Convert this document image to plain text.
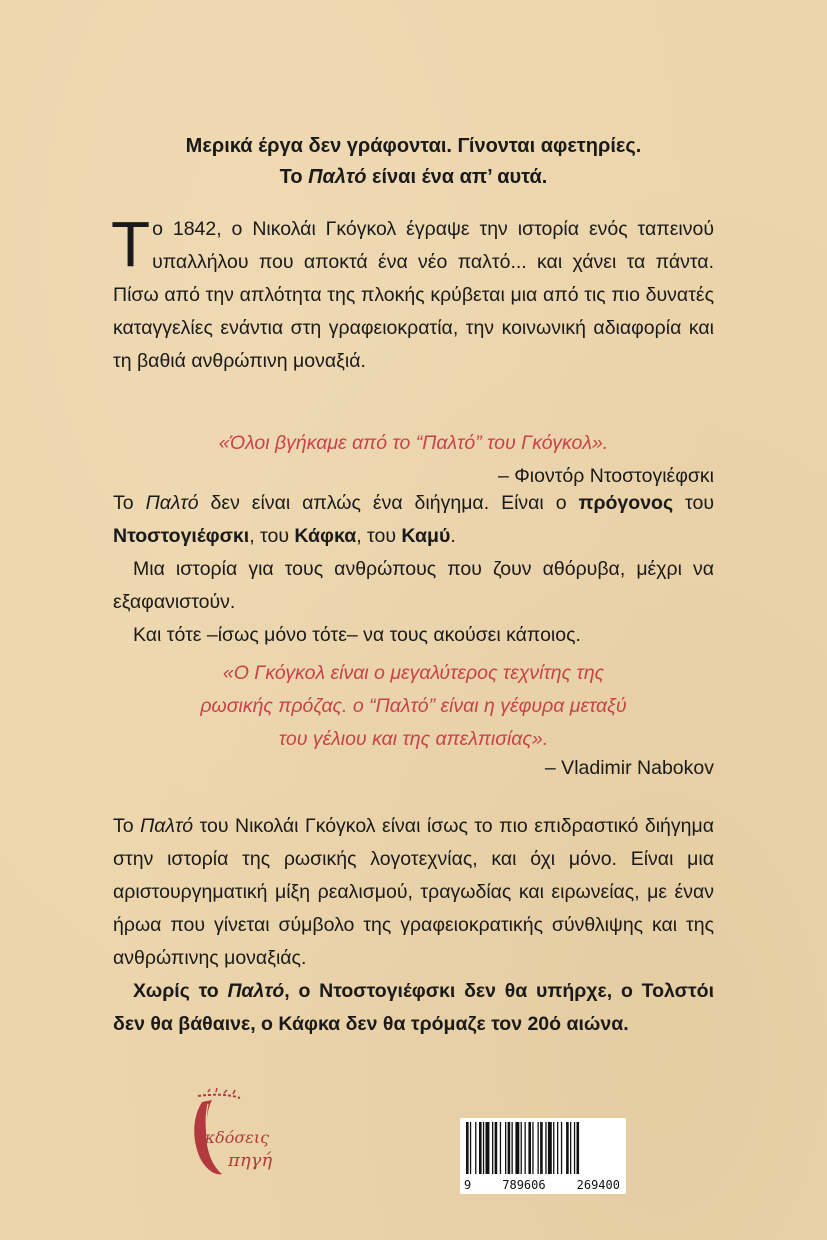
Μερικά έργα δεν γράφονται. Γίνονται αφετηρίες.
Το Παλτό είναι ένα απ’ αυτά.
Το 1842, ο Νικολάι Γκόγκολ έγραψε την ιστορία ενός ταπεινού υπαλλήλου που αποκτά ένα νέο παλτό... και χάνει τα πάντα. Πίσω από την απλότητα της πλοκής κρύβεται μια από τις πιο δυνατές καταγγελίες ενάντια στη γραφειοκρατία, την κοινωνική αδιαφορία και τη βαθιά ανθρώπινη μοναξιά.
«Όλοι βγήκαμε από το “Παλτό” του Γκόγκολ».
– Φιοντόρ Ντοστογιέφσκι

Το Παλτό δεν είναι απλώς ένα διήγημα. Είναι ο πρόγονος του Ντοστογιέφσκι, του Κάφκα, του Καμύ.

Μια ιστορία για τους ανθρώπους που ζουν αθόρυβα, μέχρι να εξαφανιστούν.

Και τότε –ίσως μόνο τότε– να τους ακούσει κάποιος.

«Ο Γκόγκολ είναι ο μεγαλύτερος τεχνίτης της
ρωσικής πρόζας. ο “Παλτό” είναι η γέφυρα μεταξύ
του γέλιου και της απελπισίας».
– Vladimir Nabokov

Το Παλτό του Νικολάι Γκόγκολ είναι ίσως το πιο επιδραστικό διήγημα στην ιστορία της ρωσικής λογοτεχνίας, και όχι μόνο. Είναι μια αριστουργηματική μίξη ρεαλισμού, τραγωδίας και ειρωνείας, με έναν ήρωα που γίνεται σύμβολο της γραφειοκρατικής σύνθλιψης και της ανθρώπινης μοναξιάς.

Χωρίς το Παλτό, ο Ντοστογιέφσκι δεν θα υπήρχε, ο Τολστόι δεν θα βάθαινε, ο Κάφκα δεν θα τρόμαζε τον 20ό αιώνα.

εκδόσεις
πηγή
9	789606	269400
